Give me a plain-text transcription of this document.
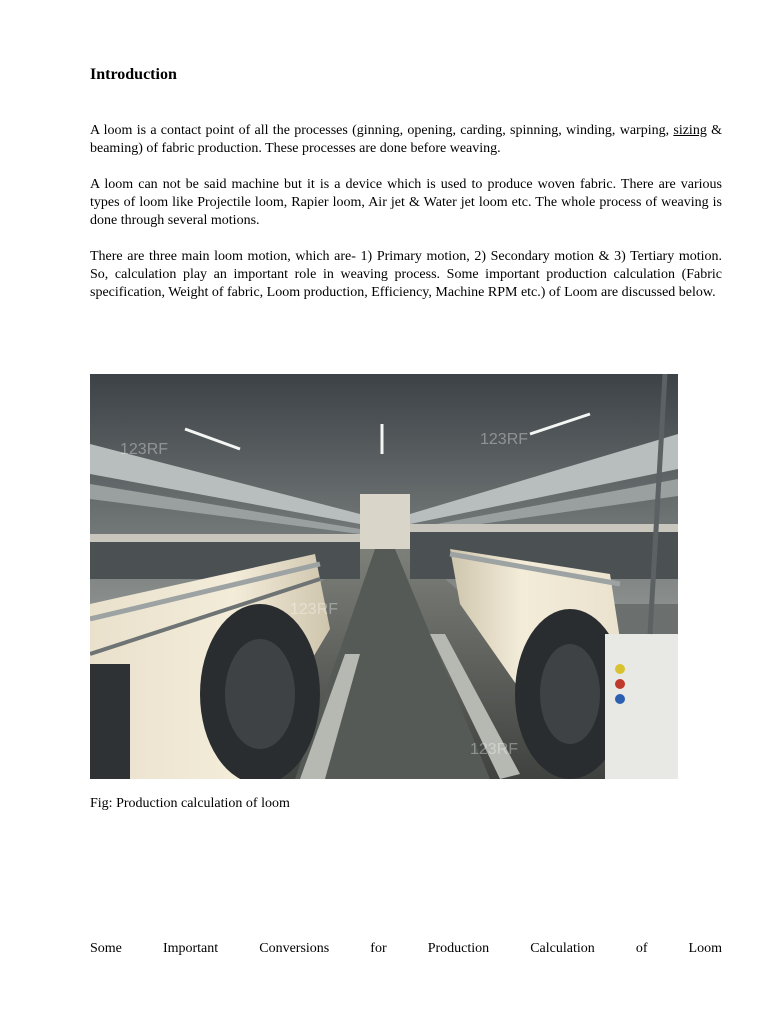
Introduction

A loom is a contact point of all the processes (ginning, opening, carding, spinning, winding, warping, sizing & beaming) of fabric production. These processes are done before weaving.

A loom can not be said machine but it is a device which is used to produce woven fabric. There are various types of loom like Projectile loom, Rapier loom, Air jet & Water jet loom etc. The whole process of weaving is done through several motions.

There are three main loom motion, which are- 1) Primary motion, 2) Secondary motion & 3) Tertiary motion. So, calculation play an important role in weaving process. Some important production calculation (Fabric specification, Weight of fabric, Loom production, Efficiency, Machine RPM etc.) of Loom are discussed below.

123RF
123RF
123RF
123RF

Fig: Production calculation of loom

Some	Important	Conversions	for	Production	Calculation	of	Loom
